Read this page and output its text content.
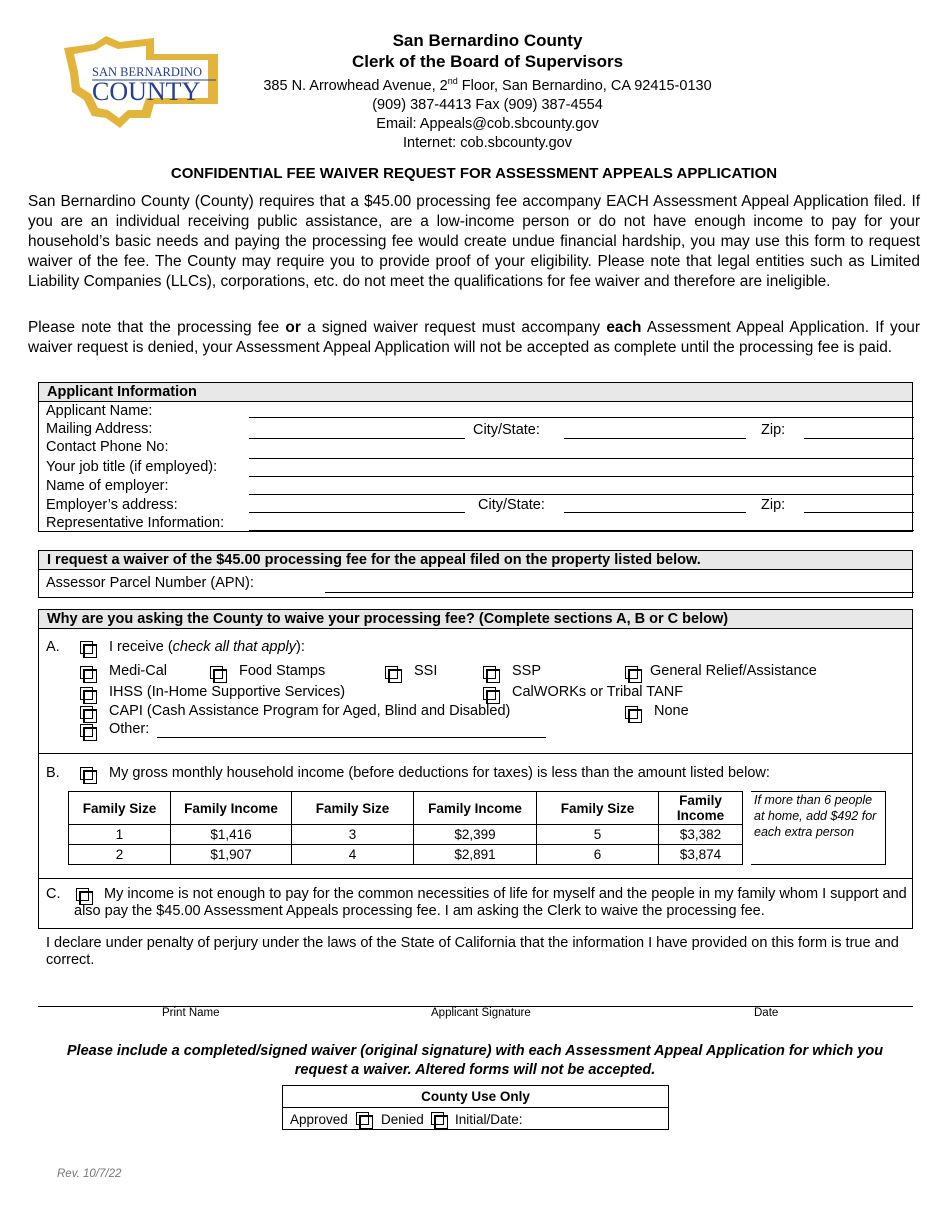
SAN BERNARDINO
COUNTY
San Bernardino County
Clerk of the Board of Supervisors
385 N. Arrowhead Avenue, 2nd Floor, San Bernardino, CA 92415-0130
(909) 387-4413 Fax (909) 387-4554
Email: Appeals@cob.sbcounty.gov
Internet: cob.sbcounty.gov
CONFIDENTIAL FEE WAIVER REQUEST FOR ASSESSMENT APPEALS APPLICATION
San Bernardino County (County) requires that a $45.00 processing fee accompany EACH Assessment Appeal Application filed. If you are an individual receiving public assistance, are a low-income person or do not have enough income to pay for your household’s basic needs and paying the processing fee would create undue financial hardship, you may use this form to request waiver of the fee. The County may require you to provide proof of your eligibility. Please note that legal entities such as Limited Liability Companies (LLCs), corporations, etc. do not meet the qualifications for fee waiver and therefore are ineligible.
Please note that the processing fee or a signed waiver request must accompany each Assessment Appeal Application. If your waiver request is denied, your Assessment Appeal Application will not be accepted as complete until the processing fee is paid.
Applicant Information
Applicant Name:
Mailing Address:	City/State:	Zip:
Contact Phone No:
Your job title (if employed):
Name of employer:
Employer’s address:	City/State:	Zip:
Representative Information:
I request a waiver of the $45.00 processing fee for the appeal filed on the property listed below.
Assessor Parcel Number (APN):
Why are you asking the County to waive your processing fee? (Complete sections A, B or C below)
A.	I receive (check all that apply):
Medi-Cal	Food Stamps	SSI	SSP	General Relief/Assistance
IHSS (In-Home Supportive Services)	CalWORKs or Tribal TANF
CAPI (Cash Assistance Program for Aged, Blind and Disabled)	None
Other:
B.	My gross monthly household income (before deductions for taxes) is less than the amount listed below:
Family Size	Family Income	Family Size	Family Income	Family Size	Family Income
1	$1,416	3	$2,399	5	$3,382
2	$1,907	4	$2,891	6	$3,874
If more than 6 people at home, add $492 for each extra person
C.	My income is not enough to pay for the common necessities of life for myself and the people in my family whom I support and also pay the $45.00 Assessment Appeals processing fee. I am asking the Clerk to waive the processing fee.
I declare under penalty of perjury under the laws of the State of California that the information I have provided on this form is true and correct.
Print Name	Applicant Signature	Date
Please include a completed/signed waiver (original signature) with each Assessment Appeal Application for which you request a waiver. Altered forms will not be accepted.
County Use Only
Approved Denied Initial/Date:
Rev. 10/7/22
